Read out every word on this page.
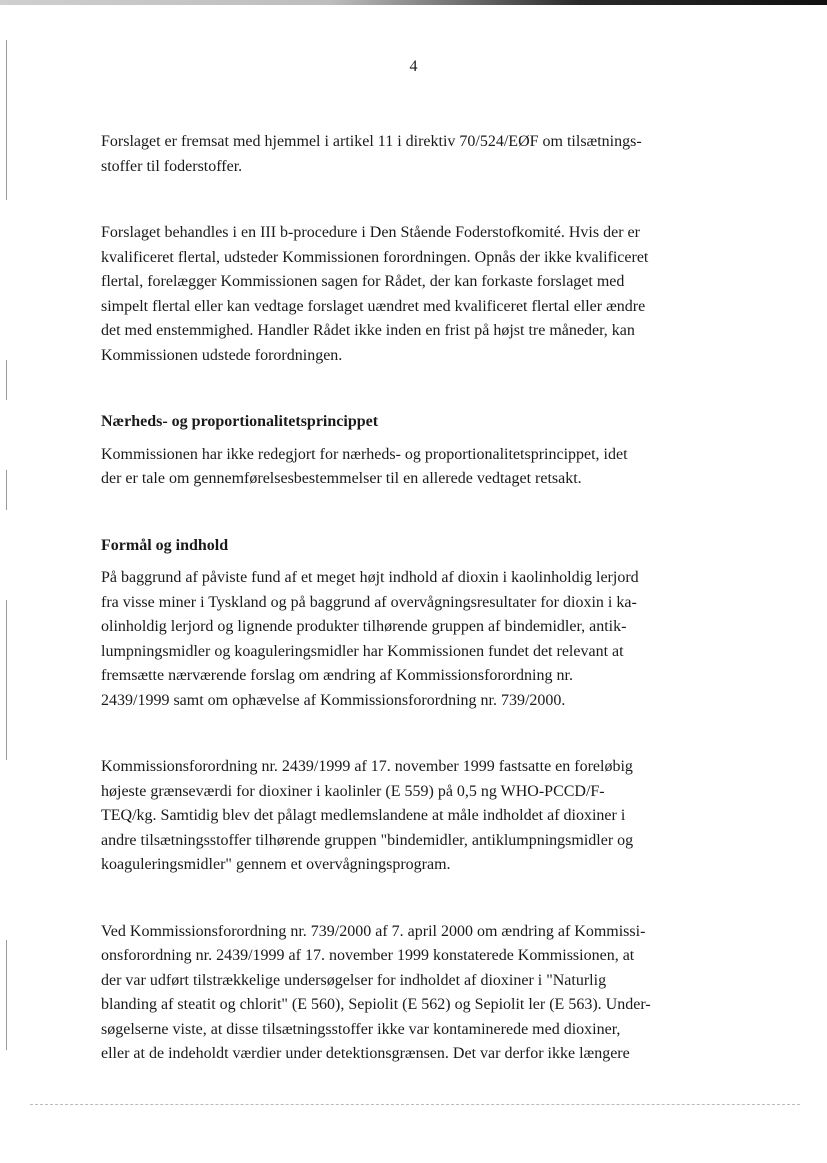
4

Forslaget er fremsat med hjemmel i artikel 11 i direktiv 70/524/EØF om tilsætnings-
stoffer til foderstoffer.

Forslaget behandles i en III b-procedure i Den Stående Foderstofkomité. Hvis der er
kvalificeret flertal, udsteder Kommissionen forordningen. Opnås der ikke kvalificeret
flertal, forelægger Kommissionen sagen for Rådet, der kan forkaste forslaget med
simpelt flertal eller kan vedtage forslaget uændret med kvalificeret flertal eller ændre
det med enstemmighed. Handler Rådet ikke inden en frist på højst tre måneder, kan
Kommissionen udstede forordningen.

Nærheds- og proportionalitetsprincippet

Kommissionen har ikke redegjort for nærheds- og proportionalitetsprincippet, idet
der er tale om gennemførelsesbestemmelser til en allerede vedtaget retsakt.

Formål og indhold

På baggrund af påviste fund af et meget højt indhold af dioxin i kaolinholdig lerjord
fra visse miner i Tyskland og på baggrund af overvågningsresultater for dioxin i ka-
olinholdig lerjord og lignende produkter tilhørende gruppen af bindemidler, antik-
lumpningsmidler og koaguleringsmidler har Kommissionen fundet det relevant at
fremsætte nærværende forslag om ændring af Kommissionsforordning nr.
2439/1999 samt om ophævelse af Kommissionsforordning nr. 739/2000.

Kommissionsforordning nr. 2439/1999 af 17. november 1999 fastsatte en foreløbig
højeste grænseværdi for dioxiner i kaolinler (E 559) på 0,5 ng WHO-PCCD/F-
TEQ/kg. Samtidig blev det pålagt medlemslandene at måle indholdet af dioxiner i
andre tilsætningsstoffer tilhørende gruppen "bindemidler, antiklumpningsmidler og
koaguleringsmidler" gennem et overvågningsprogram.

Ved Kommissionsforordning nr. 739/2000 af 7. april 2000 om ændring af Kommissi-
onsforordning nr. 2439/1999 af 17. november 1999 konstaterede Kommissionen, at
der var udført tilstrækkelige undersøgelser for indholdet af dioxiner i "Naturlig
blanding af steatit og chlorit" (E 560), Sepiolit (E 562) og Sepiolit ler (E 563). Under-
søgelserne viste, at disse tilsætningsstoffer ikke var kontaminerede med dioxiner,
eller at de indeholdt værdier under detektionsgrænsen. Det var derfor ikke længere
